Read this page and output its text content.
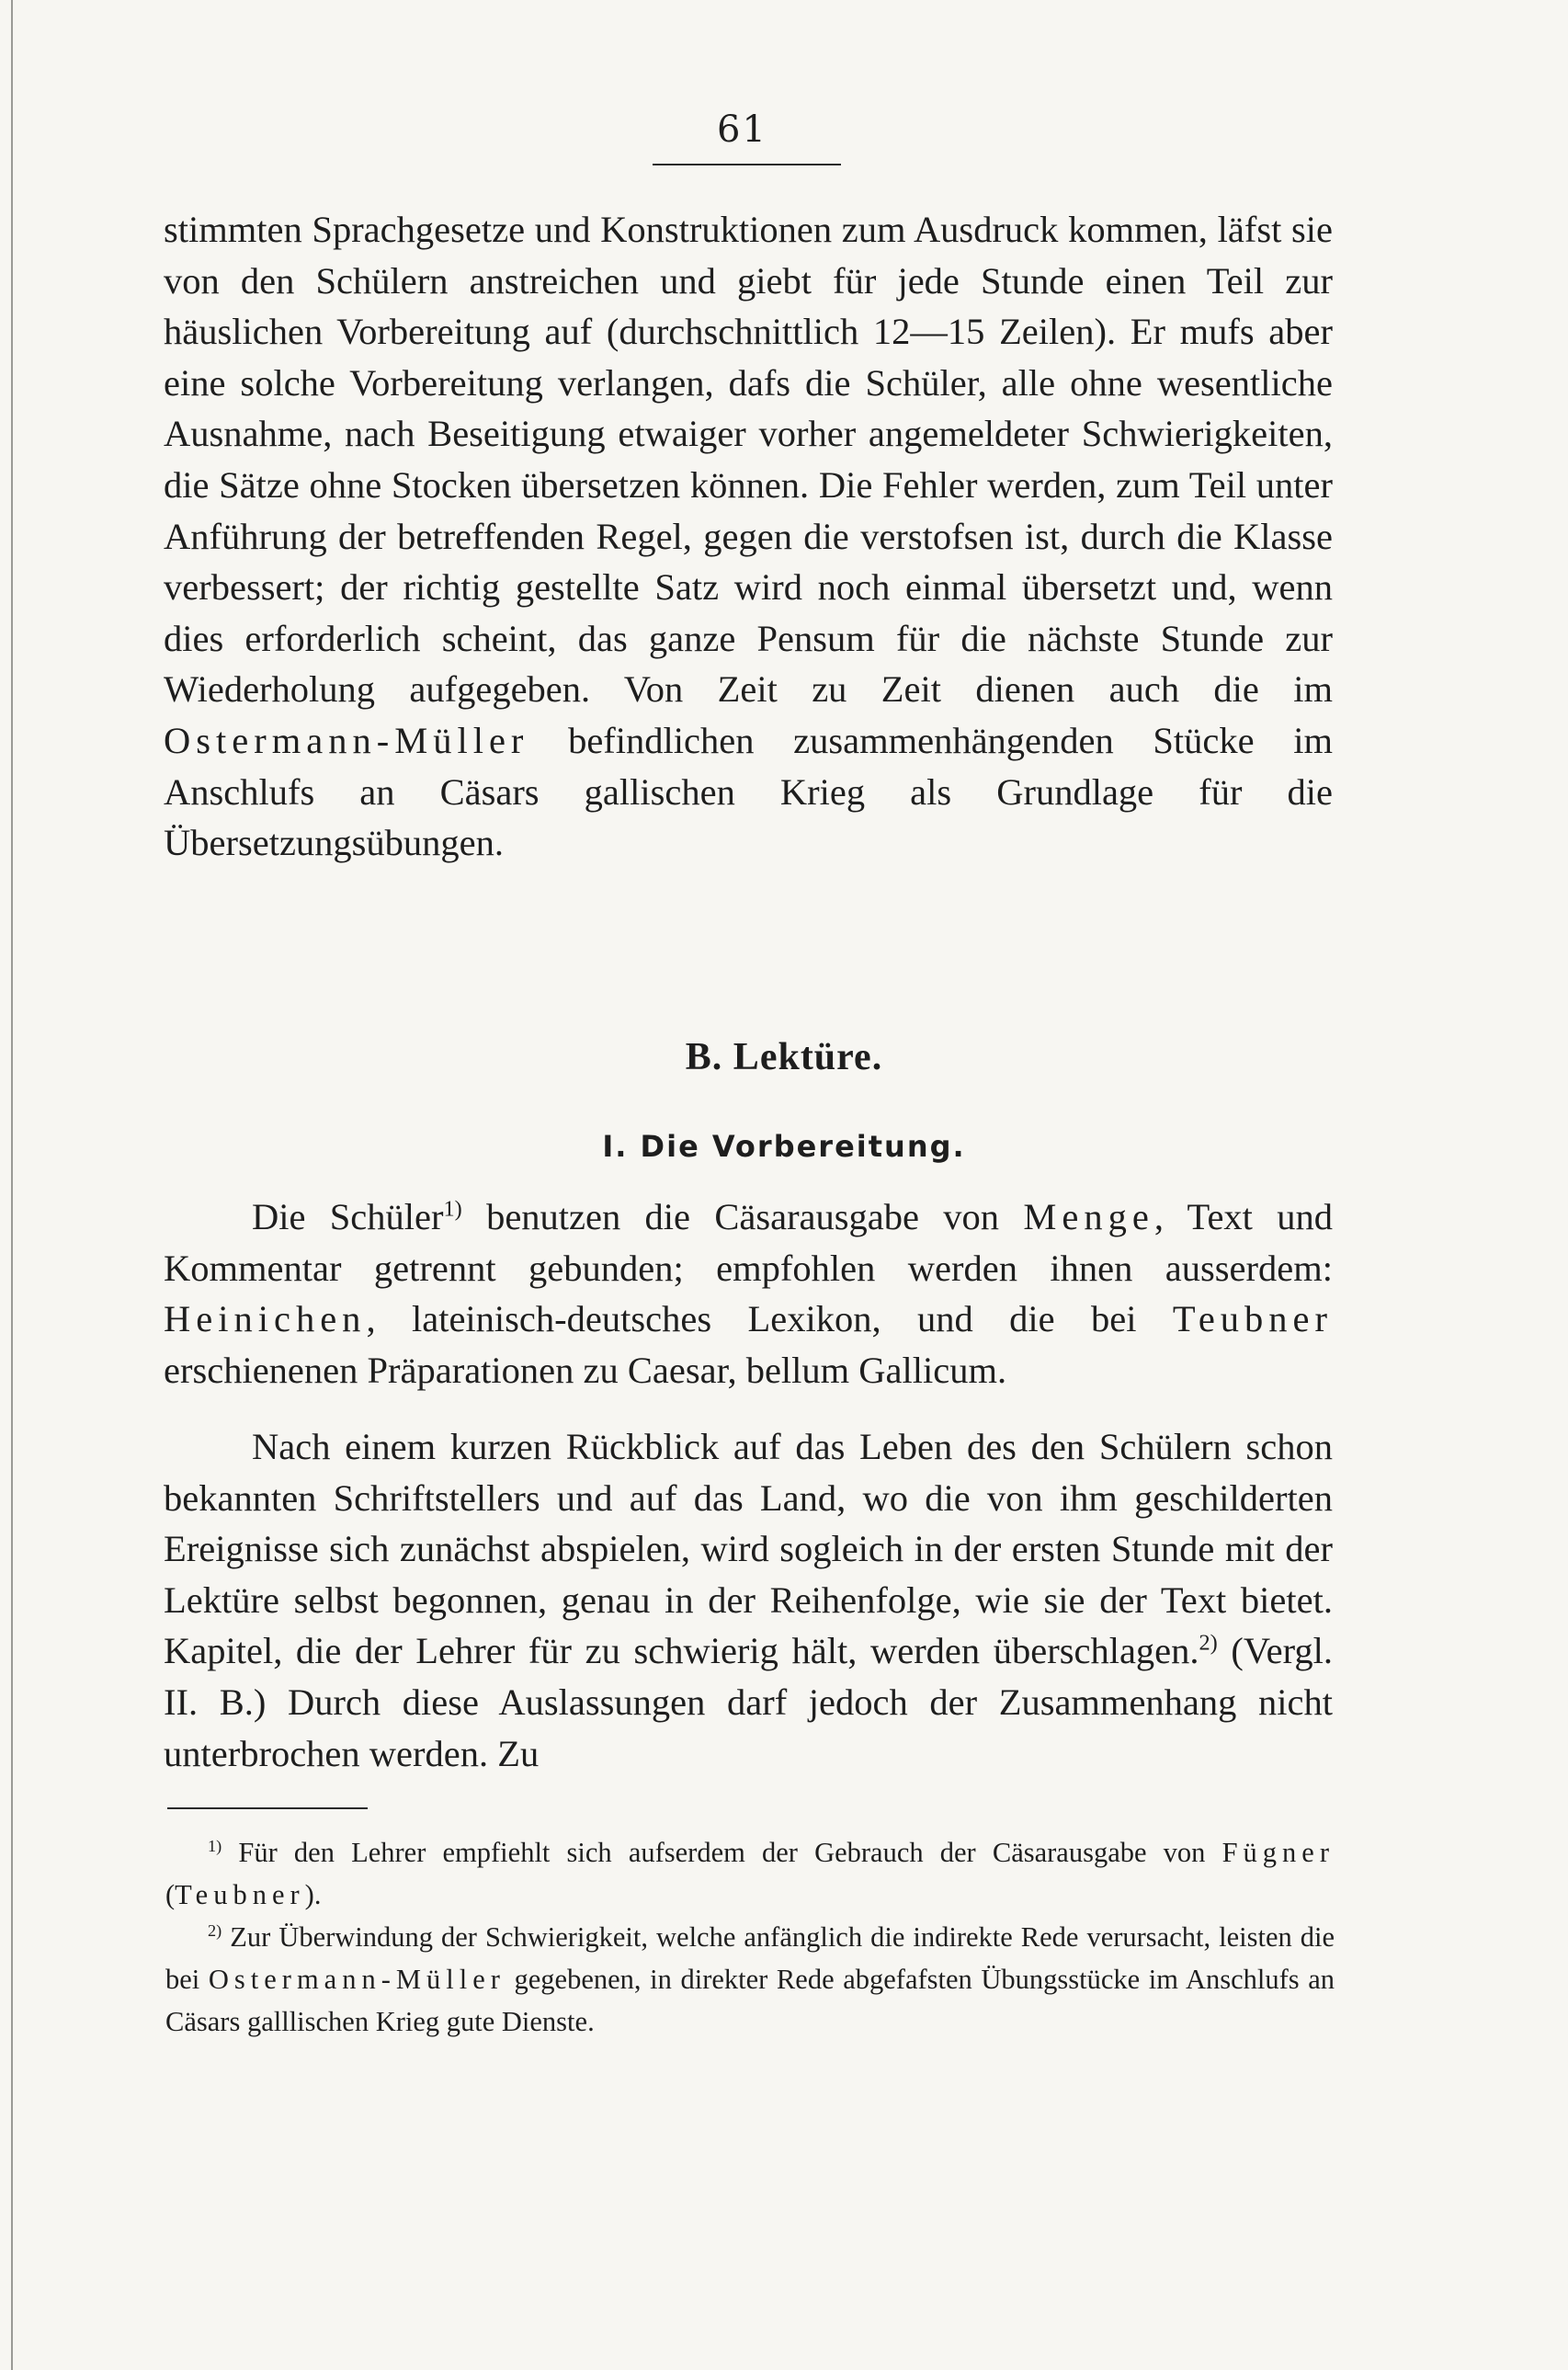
61

stimmten Sprachgesetze und Konstruktionen zum Ausdruck kommen, läfst sie von den Schülern anstreichen und giebt für jede Stunde einen Teil zur häuslichen Vorbereitung auf (durchschnittlich 12—15 Zeilen). Er mufs aber eine solche Vorbereitung verlangen, dafs die Schüler, alle ohne wesentliche Ausnahme, nach Beseitigung etwaiger vorher angemeldeter Schwierigkeiten, die Sätze ohne Stocken übersetzen können. Die Fehler werden, zum Teil unter Anführung der betreffenden Regel, gegen die verstofsen ist, durch die Klasse verbessert; der richtig gestellte Satz wird noch einmal übersetzt und, wenn dies erforderlich scheint, das ganze Pensum für die nächste Stunde zur Wiederholung aufgegeben. Von Zeit zu Zeit dienen auch die im Ostermann-Müller befindlichen zusammenhängenden Stücke im Anschlufs an Cäsars gallischen Krieg als Grundlage für die Übersetzungsübungen.

B. Lektüre.
I. Die Vorbereitung.

Die Schüler$^{1)}$ benutzen die Cäsarausgabe von Menge, Text und Kommentar getrennt gebunden; empfohlen werden ihnen ausserdem: Heinichen, lateinisch-deutsches Lexikon, und die bei Teubner erschienenen Präparationen zu Caesar, bellum Gallicum.

Nach einem kurzen Rückblick auf das Leben des den Schülern schon bekannten Schriftstellers und auf das Land, wo die von ihm geschilderten Ereignisse sich zunächst abspielen, wird sogleich in der ersten Stunde mit der Lektüre selbst begonnen, genau in der Reihenfolge, wie sie der Text bietet. Kapitel, die der Lehrer für zu schwierig hält, werden überschlagen.$^{2)}$ (Vergl. II. B.) Durch diese Auslassungen darf jedoch der Zusammenhang nicht unterbrochen werden. Zu

$^{1)}$ Für den Lehrer empfiehlt sich aufserdem der Gebrauch der Cäsarausgabe von Fügner (Teubner).

$^{2)}$ Zur Überwindung der Schwierigkeit, welche anfänglich die indirekte Rede verursacht, leisten die bei Ostermann-Müller gegebenen, in direkter Rede abgefafsten Übungsstücke im Anschlufs an Cäsars galllischen Krieg gute Dienste.
